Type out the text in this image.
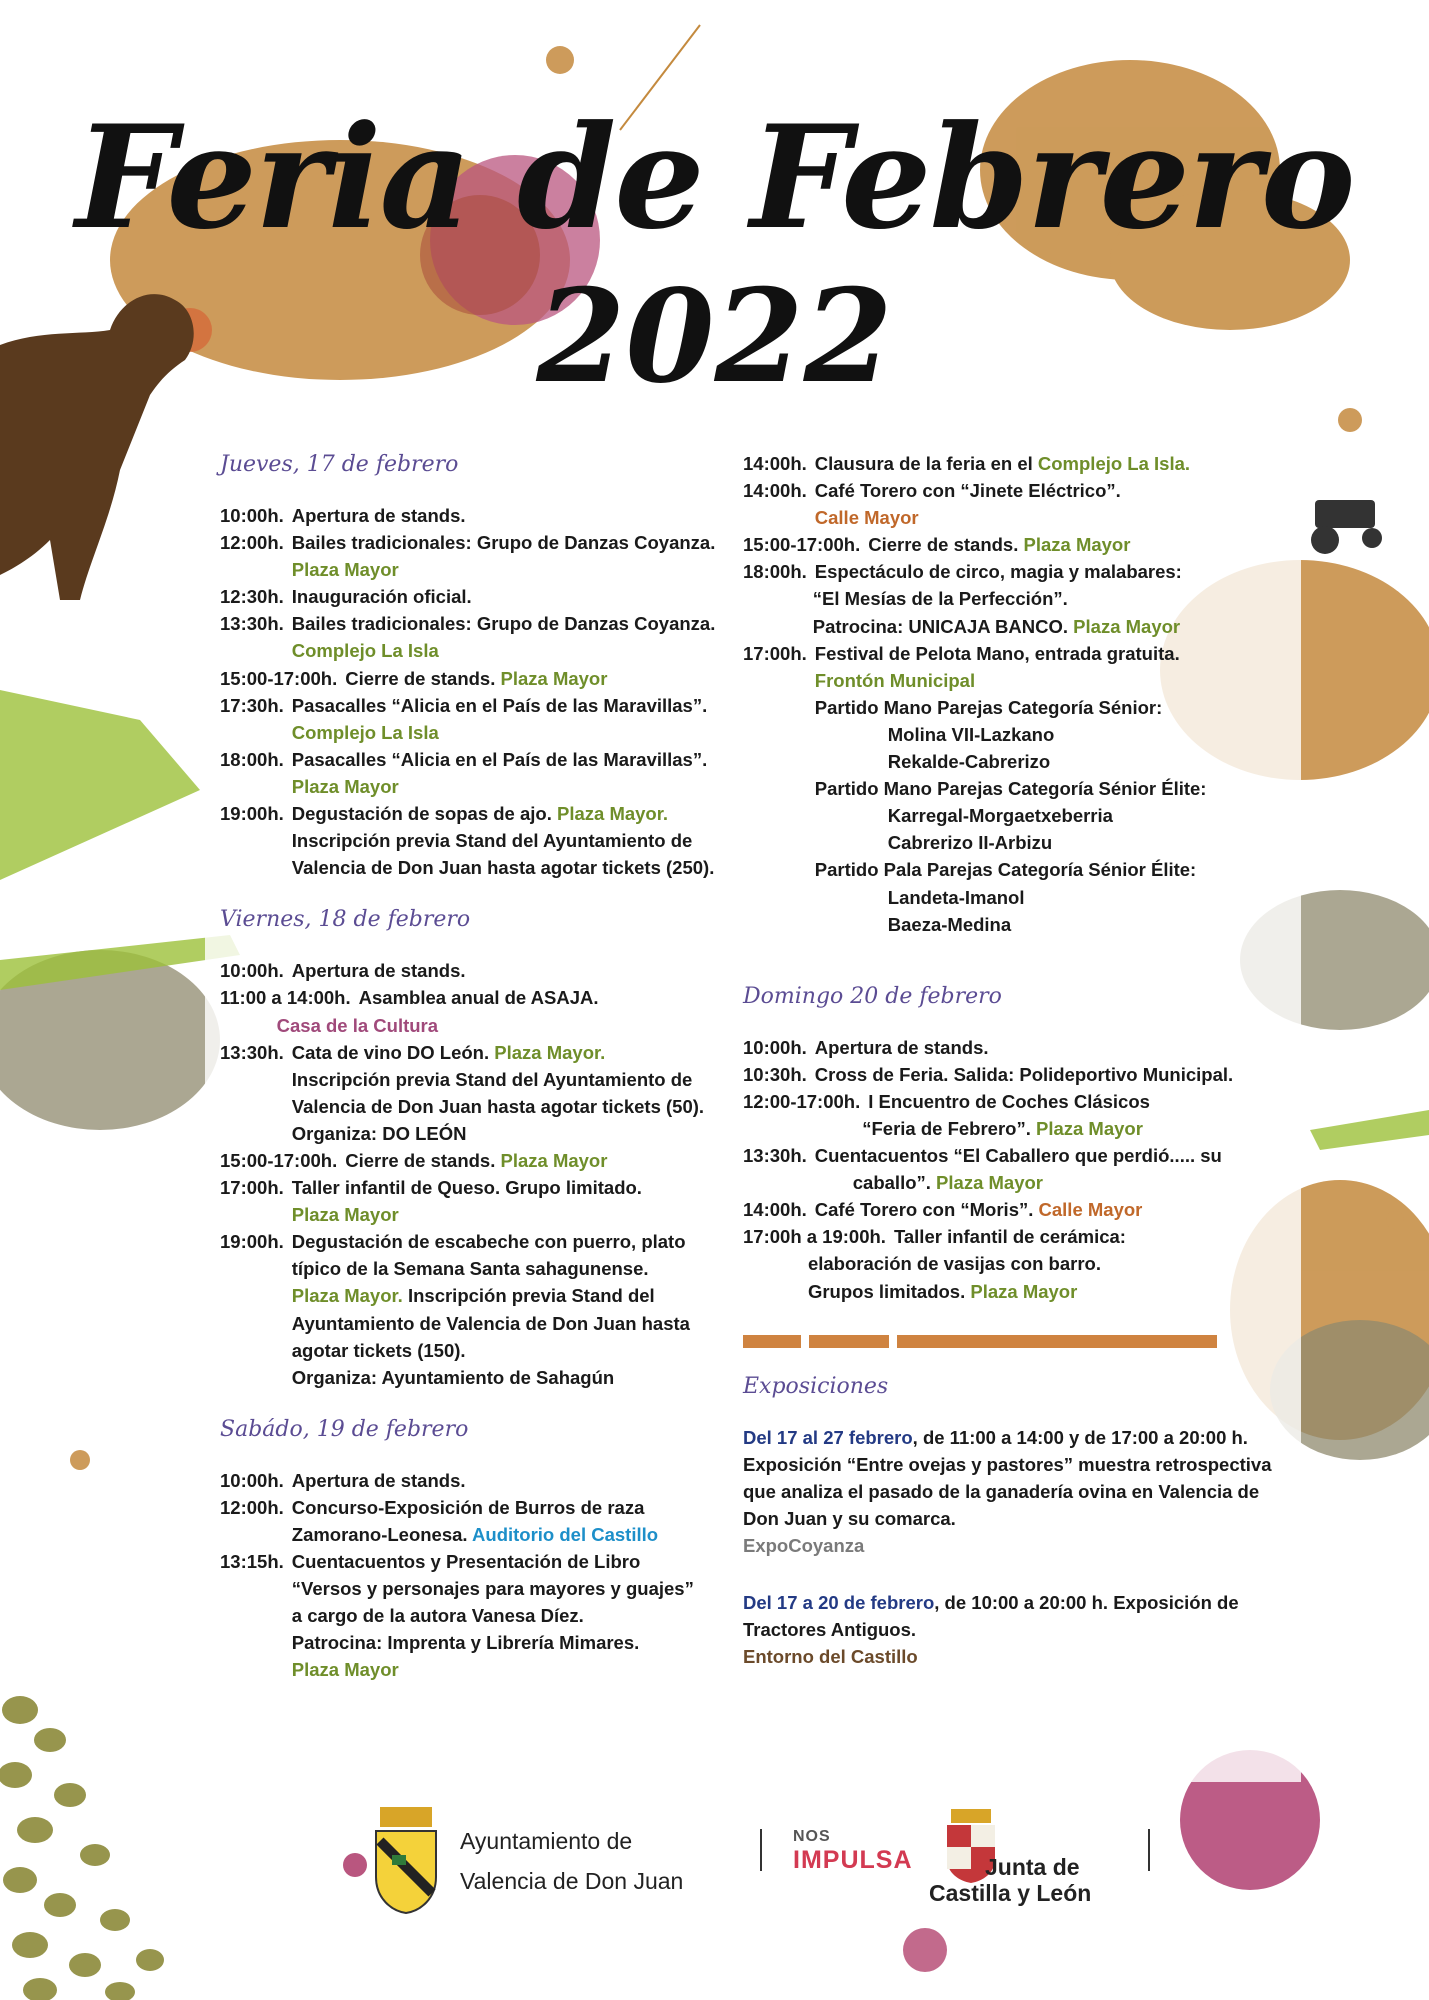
Feria de Febrero
2022
Jueves, 17 de febrero
10:00h. Apertura de stands.
12:00h. Bailes tradicionales: Grupo de Danzas Coyanza.
Plaza Mayor
12:30h. Inauguración oficial.
13:30h. Bailes tradicionales: Grupo de Danzas Coyanza.
Complejo La Isla
15:00-17:00h. Cierre de stands. Plaza Mayor
17:30h. Pasacalles “Alicia en el País de las Maravillas”.
Complejo La Isla
18:00h. Pasacalles “Alicia en el País de las Maravillas”.
Plaza Mayor
19:00h. Degustación de sopas de ajo. Plaza Mayor.
Inscripción previa Stand del Ayuntamiento de
Valencia de Don Juan hasta agotar tickets (250).
Viernes, 18 de febrero
10:00h. Apertura de stands.
11:00 a 14:00h. Asamblea anual de ASAJA.
Casa de la Cultura
13:30h. Cata de vino DO León. Plaza Mayor.
Inscripción previa Stand del Ayuntamiento de
Valencia de Don Juan hasta agotar tickets (50).
Organiza: DO LEÓN
15:00-17:00h. Cierre de stands. Plaza Mayor
17:00h. Taller infantil de Queso. Grupo limitado.
Plaza Mayor
19:00h. Degustación de escabeche con puerro, plato
típico de la Semana Santa sahagunense.
Plaza Mayor. Inscripción previa Stand del
Ayuntamiento de Valencia de Don Juan hasta
agotar tickets (150).
Organiza: Ayuntamiento de Sahagún
Sabádo, 19 de febrero
10:00h. Apertura de stands.
12:00h. Concurso-Exposición de Burros de raza
Zamorano-Leonesa. Auditorio del Castillo
13:15h. Cuentacuentos y Presentación de Libro
“Versos y personajes para mayores y guajes”
a cargo de la autora Vanesa Díez.
Patrocina: Imprenta y Librería Mimares.
Plaza Mayor
14:00h. Clausura de la feria en el Complejo La Isla.
14:00h. Café Torero con “Jinete Eléctrico”.
Calle Mayor
15:00-17:00h. Cierre de stands. Plaza Mayor
18:00h. Espectáculo de circo, magia y malabares:
“El Mesías de la Perfección”.
Patrocina: UNICAJA BANCO. Plaza Mayor
17:00h. Festival de Pelota Mano, entrada gratuita.
Frontón Municipal
Partido Mano Parejas Categoría Sénior:
Molina VII-Lazkano
Rekalde-Cabrerizo
Partido Mano Parejas Categoría Sénior Élite:
Karregal-Morgaetxeberria
Cabrerizo II-Arbizu
Partido Pala Parejas Categoría Sénior Élite:
Landeta-Imanol
Baeza-Medina
Domingo 20 de febrero
10:00h. Apertura de stands.
10:30h. Cross de Feria. Salida: Polideportivo Municipal.
12:00-17:00h. I Encuentro de Coches Clásicos
“Feria de Febrero”. Plaza Mayor
13:30h. Cuentacuentos “El Caballero que perdió..... su
caballo”. Plaza Mayor
14:00h. Café Torero con “Moris”. Calle Mayor
17:00h a 19:00h. Taller infantil de cerámica:
elaboración de vasijas con barro.
Grupos limitados. Plaza Mayor
Exposiciones

Del 17 al 27 febrero, de 11:00 a 14:00 y de 17:00 a 20:00 h. Exposición “Entre ovejas y pastores” muestra retrospectiva que analiza el pasado de la ganadería ovina en Valencia de Don Juan y su comarca.
ExpoCoyanza

Del 17 a 20 de febrero, de 10:00 a 20:00 h. Exposición de Tractores Antiguos.
Entorno del Castillo

Ayuntamiento de
Valencia de Don Juan
NOS
IMPULSA	Junta de
Castilla y León
